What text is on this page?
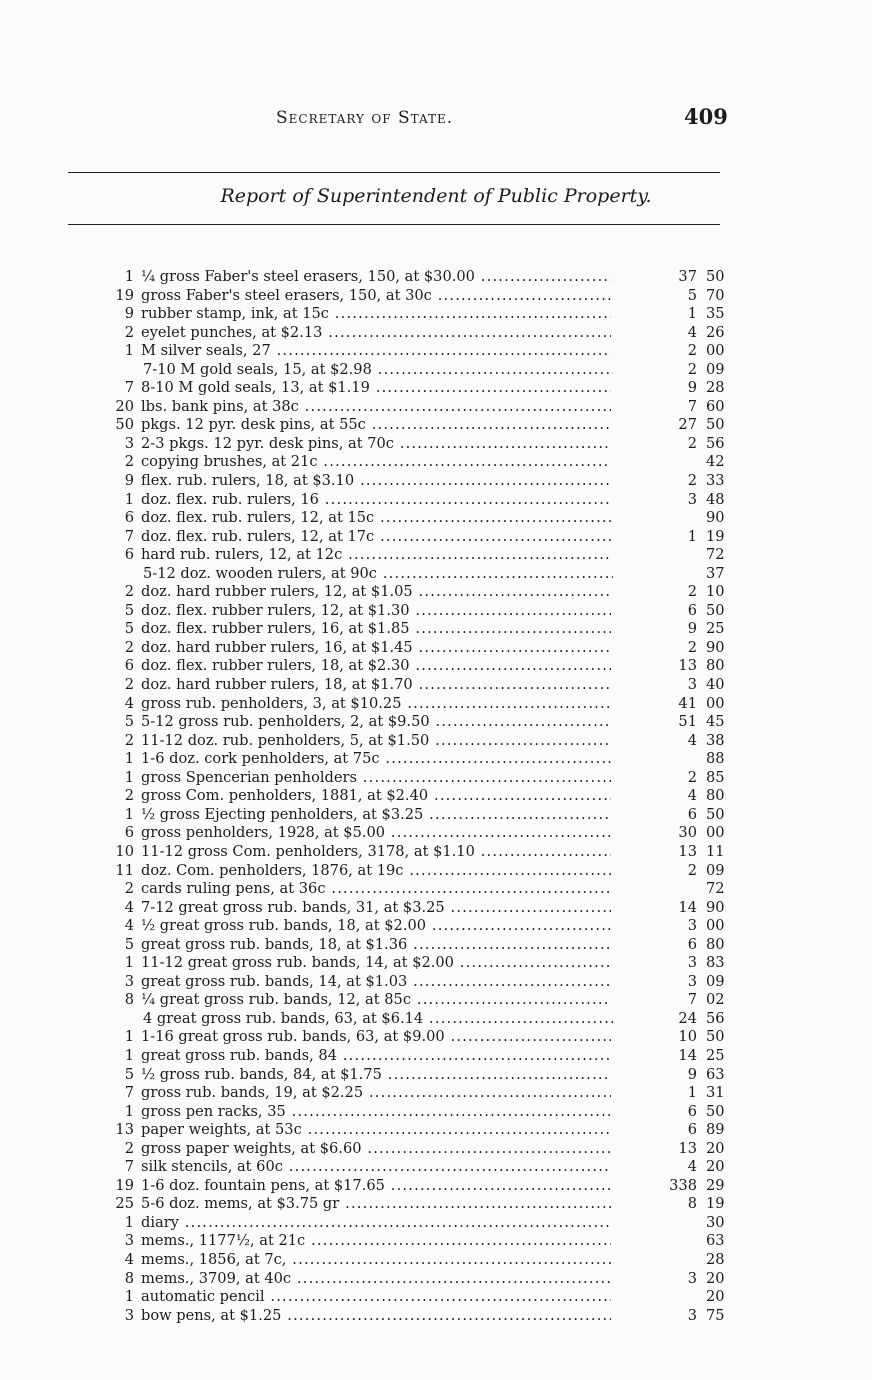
Secretary of State.	409
Report of Superintendent of Public Property.
1 ¼ gross Faber's steel erasers, 150, at $30.00 .....	37 50
19 gross Faber's steel erasers, 150, at 30c .....	5 70
9 rubber stamp, ink, at 15c .....	1 35
2 eyelet punches, at $2.13 .....	4 26
1 M silver seals, 27 .....	2 00
7-10 M gold seals, 15, at $2.98 .....	2 09
7 8-10 M gold seals, 13, at $1.19 .....	9 28
20 lbs. bank pins, at 38c .....	7 60
50 pkgs. 12 pyr. desk pins, at 55c .....	27 50
3 2-3 pkgs. 12 pyr. desk pins, at 70c .....	2 56
2 copying brushes, at 21c .....	42
9 flex. rub. rulers, 18, at $3.10 .....	2 33
1 doz. flex. rub. rulers, 16 .....	3 48
6 doz. flex. rub. rulers, 12, at 15c .....	90
7 doz. flex. rub. rulers, 12, at 17c .....	1 19
6 hard rub. rulers, 12, at 12c .....	72
5-12 doz. wooden rulers, at 90c .....	37
2 doz. hard rubber rulers, 12, at $1.05 .....	2 10
5 doz. flex. rubber rulers, 12, at $1.30 .....	6 50
5 doz. flex. rubber rulers, 16, at $1.85 .....	9 25
2 doz. hard rubber rulers, 16, at $1.45 .....	2 90
6 doz. flex. rubber rulers, 18, at $2.30 .....	13 80
2 doz. hard rubber rulers, 18, at $1.70 .....	3 40
4 gross rub. penholders, 3, at $10.25 .....	41 00
5 5-12 gross rub. penholders, 2, at $9.50 .....	51 45
2 11-12 doz. rub. penholders, 5, at $1.50 .....	4 38
1 1-6 doz. cork penholders, at 75c .....	88
1 gross Spencerian penholders .....	2 85
2 gross Com. penholders, 1881, at $2.40 .....	4 80
1 ½ gross Ejecting penholders, at $3.25 .....	6 50
6 gross penholders, 1928, at $5.00 .....	30 00
10 11-12 gross Com. penholders, 3178, at $1.10 .....	13 11
11 doz. Com. penholders, 1876, at 19c .....	2 09
2 cards ruling pens, at 36c .....	72
4 7-12 great gross rub. bands, 31, at $3.25 .....	14 90
4 ½ great gross rub. bands, 18, at $2.00 .....	3 00
5 great gross rub. bands, 18, at $1.36 .....	6 80
1 11-12 great gross rub. bands, 14, at $2.00 .....	3 83
3 great gross rub. bands, 14, at $1.03 .....	3 09
8 ¼ great gross rub. bands, 12, at 85c .....	7 02
4 great gross rub. bands, 63, at $6.14 .....	24 56
1 1-16 great gross rub. bands, 63, at $9.00 .....	10 50
1 great gross rub. bands, 84 .....	14 25
5 ½ gross rub. bands, 84, at $1.75 .....	9 63
7 gross rub. bands, 19, at $2.25 .....	1 31
1 gross pen racks, 35 .....	6 50
13 paper weights, at 53c .....	6 89
2 gross paper weights, at $6.60 .....	13 20
7 silk stencils, at 60c .....	4 20
19 1-6 doz. fountain pens, at $17.65 .....	338 29
25 5-6 doz. mems, at $3.75 gr .....	8 19
1 diary .....	30
3 mems., 1177½, at 21c .....	63
4 mems., 1856, at 7c, .....	28
8 mems., 3709, at 40c .....	3 20
1 automatic pencil .....	20
3 bow pens, at $1.25 .....	3 75
